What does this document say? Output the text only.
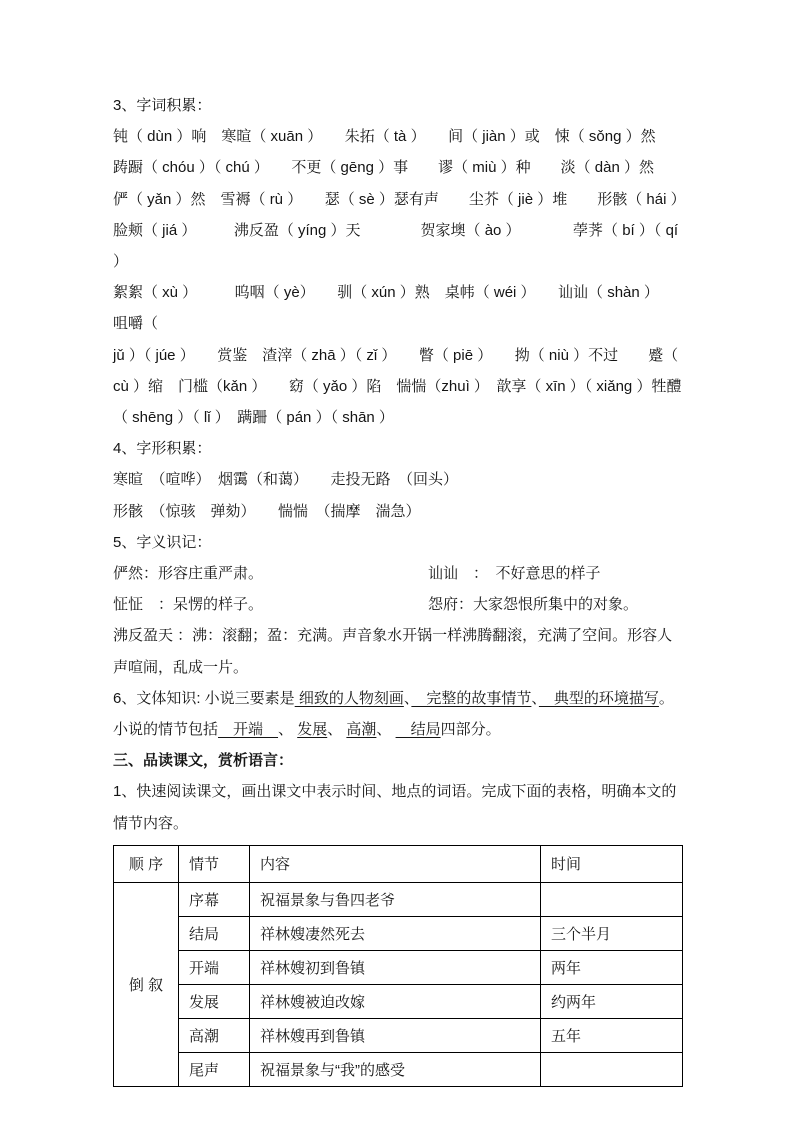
3、字词积累：
钝（ dùn ）响　寒暄（ xuān ）　　朱拓（ tà ）　　间（ jiàn ）或　悚（ sǒng ）然
踌蹰（ chóu ）（ chú ）　　不更（ gēng ）事　　谬（ miù ）种　　淡（ dàn ）然
俨（ yǎn ）然　雪褥（ rù ）　　瑟（ sè ）瑟有声　　尘芥（ jiè ）堆　　形骸（ hái ）
脸颊（ jiá ）　　　沸反盈（ yíng ）天　　　　贺家墺（ ào ）　　　　荸荠（ bí ）（ qí ）
絮絮（ xù ）　　　呜咽（ yè）　　驯（ xún ）熟　桌帏（ wéi ）　　讪讪（ shàn ）　　咀嚼（
jǔ ）（ júe ）　　赏鉴　渣滓（ zhā ）（ zǐ ）　　瞥（ piē ）　　拗（ niù ）不过　　蹙（
cù ）缩　门槛（kǎn ）　　窈（ yǎo ）陷　惴惴（zhuì ）　歆享（ xīn ）（ xiǎng ）牲醴
（ shēng ）（ lǐ ）　蹒跚（ pán ）（ shān ）
4、字形积累：
寒暄　（喧哗）　烟霭（和蔼）　　走投无路　（回头）
形骸　（惊骇　弹劾）　　惴惴　（揣摩　湍急）
5、字义识记：
俨然：形容庄重严肃。	讪讪　：　不好意思的样子
怔怔　：呆愣的样子。	怨府：大家怨恨所集中的对象。
沸反盈天 ：沸：滚翻；盈：充满。声音象水开锅一样沸腾翻滚，充满了空间。形容人声喧闹，乱成一片。
6、文体知识: 小说三要素是 细致的人物刻画、　完整的故事情节、　典型的环境描写。小说的情节包括　开端　、 发展、 高潮、 　结局四部分。
三、品读课文，赏析语言：
1、快速阅读课文，画出课文中表示时间、地点的词语。完成下面的表格，明确本文的情节内容。
顺 序	情节	内容	时间
倒 叙	序幕	祝福景象与鲁四老爷	
	结局	祥林嫂凄然死去	三个半月
	开端	祥林嫂初到鲁镇	两年
	发展	祥林嫂被迫改嫁	约两年
	高潮	祥林嫂再到鲁镇	五年
	尾声	祝福景象与“我”的感受	
